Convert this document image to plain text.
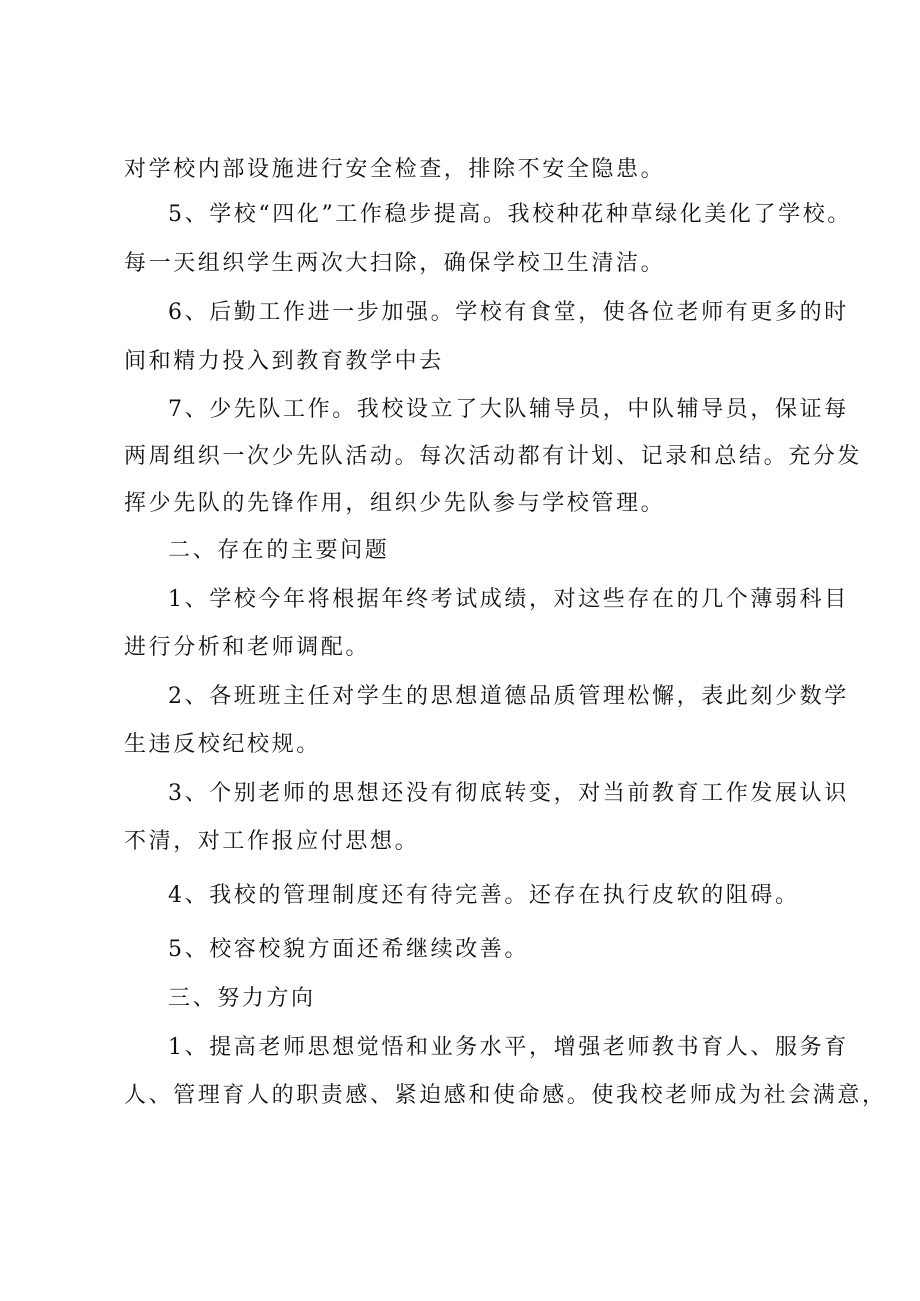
对学校内部设施进行安全检查，排除不安全隐患。
5、学校“四化”工作稳步提高。我校种花种草绿化美化了学校。
每一天组织学生两次大扫除，确保学校卫生清洁。
6、后勤工作进一步加强。学校有食堂，使各位老师有更多的时
间和精力投入到教育教学中去
7、少先队工作。我校设立了大队辅导员，中队辅导员，保证每
两周组织一次少先队活动。每次活动都有计划、记录和总结。充分发
挥少先队的先锋作用，组织少先队参与学校管理。
二、存在的主要问题
1、学校今年将根据年终考试成绩，对这些存在的几个薄弱科目
进行分析和老师调配。
2、各班班主任对学生的思想道德品质管理松懈，表此刻少数学
生违反校纪校规。
3、个别老师的思想还没有彻底转变，对当前教育工作发展认识
不清，对工作报应付思想。
4、我校的管理制度还有待完善。还存在执行皮软的阻碍。
5、校容校貌方面还希继续改善。
三、努力方向
1、提高老师思想觉悟和业务水平，增强老师教书育人、服务育
人、管理育人的职责感、紧迫感和使命感。使我校老师成为社会满意，
